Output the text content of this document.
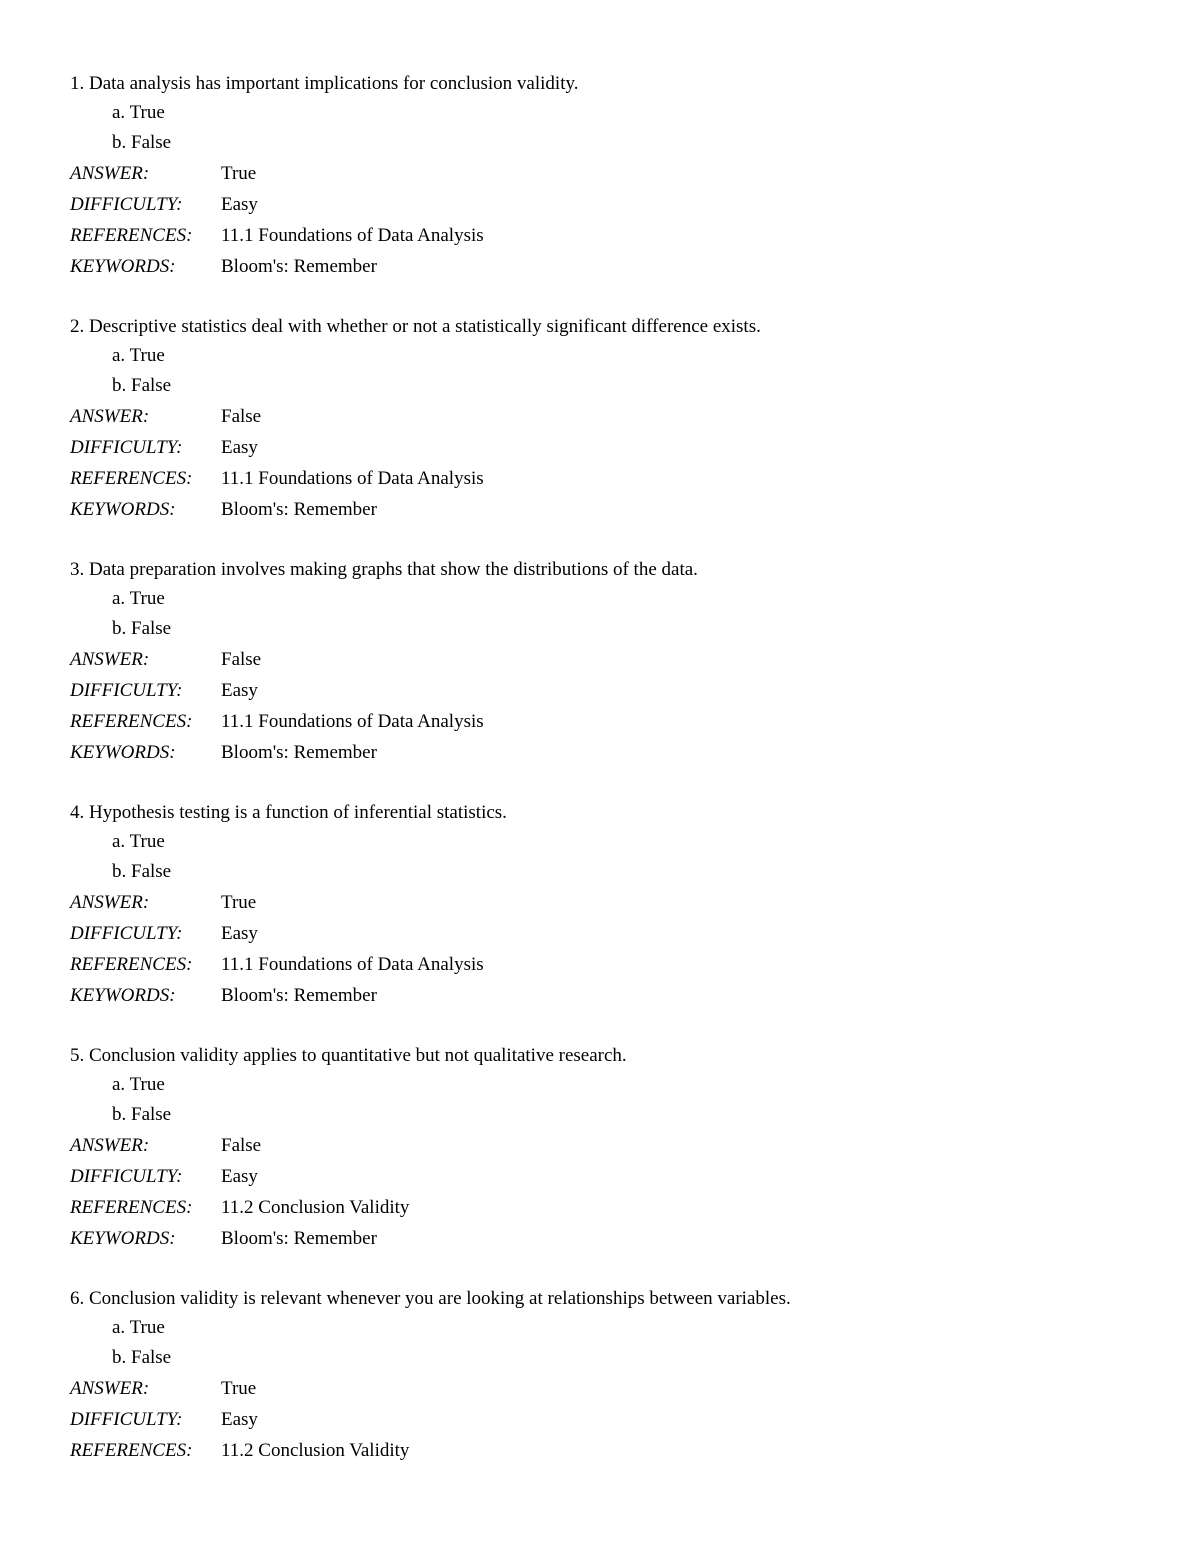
1. Data analysis has important implications for conclusion validity.
a. True
b. False
ANSWER:	True
DIFFICULTY:	Easy
REFERENCES:	11.1 Foundations of Data Analysis
KEYWORDS:	Bloom's: Remember
2. Descriptive statistics deal with whether or not a statistically significant difference exists.
a. True
b. False
ANSWER:	False
DIFFICULTY:	Easy
REFERENCES:	11.1 Foundations of Data Analysis
KEYWORDS:	Bloom's: Remember
3. Data preparation involves making graphs that show the distributions of the data.
a. True
b. False
ANSWER:	False
DIFFICULTY:	Easy
REFERENCES:	11.1 Foundations of Data Analysis
KEYWORDS:	Bloom's: Remember
4. Hypothesis testing is a function of inferential statistics.
a. True
b. False
ANSWER:	True
DIFFICULTY:	Easy
REFERENCES:	11.1 Foundations of Data Analysis
KEYWORDS:	Bloom's: Remember
5. Conclusion validity applies to quantitative but not qualitative research.
a. True
b. False
ANSWER:	False
DIFFICULTY:	Easy
REFERENCES:	11.2 Conclusion Validity
KEYWORDS:	Bloom's: Remember
6. Conclusion validity is relevant whenever you are looking at relationships between variables.
a. True
b. False
ANSWER:	True
DIFFICULTY:	Easy
REFERENCES:	11.2 Conclusion Validity
